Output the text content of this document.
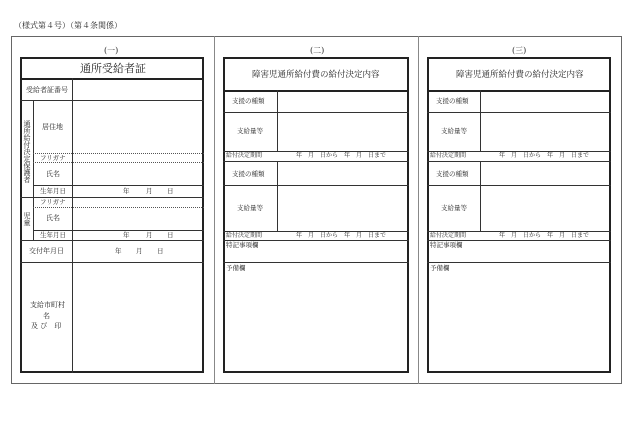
（様式第４号）（第４条関係）
(一)
通所受給者証
受給者証番号
通所給付決定保護者 居住地
フリガナ
氏名
生年月日	年	月 日
児童
フリガナ
氏名
生年月日	年	月 日
交付年月日	年 月 日
支給市町村
名
及 び　印
(二)
障害児通所給付費の給付決定内容
支援の種類
支給量等
給付決定期間	年　月　日から　年　月　日まで
支援の種類
支給量等
給付決定期間	年　月　日から　年　月　日まで
特記事項欄
予備欄
(三)
障害児通所給付費の給付決定内容
支援の種類
支給量等
給付決定期間	年　月　日から　年　月　日まで
支援の種類
支給量等
給付決定期間	年　月　日から　年　月　日まで
特記事項欄
予備欄
